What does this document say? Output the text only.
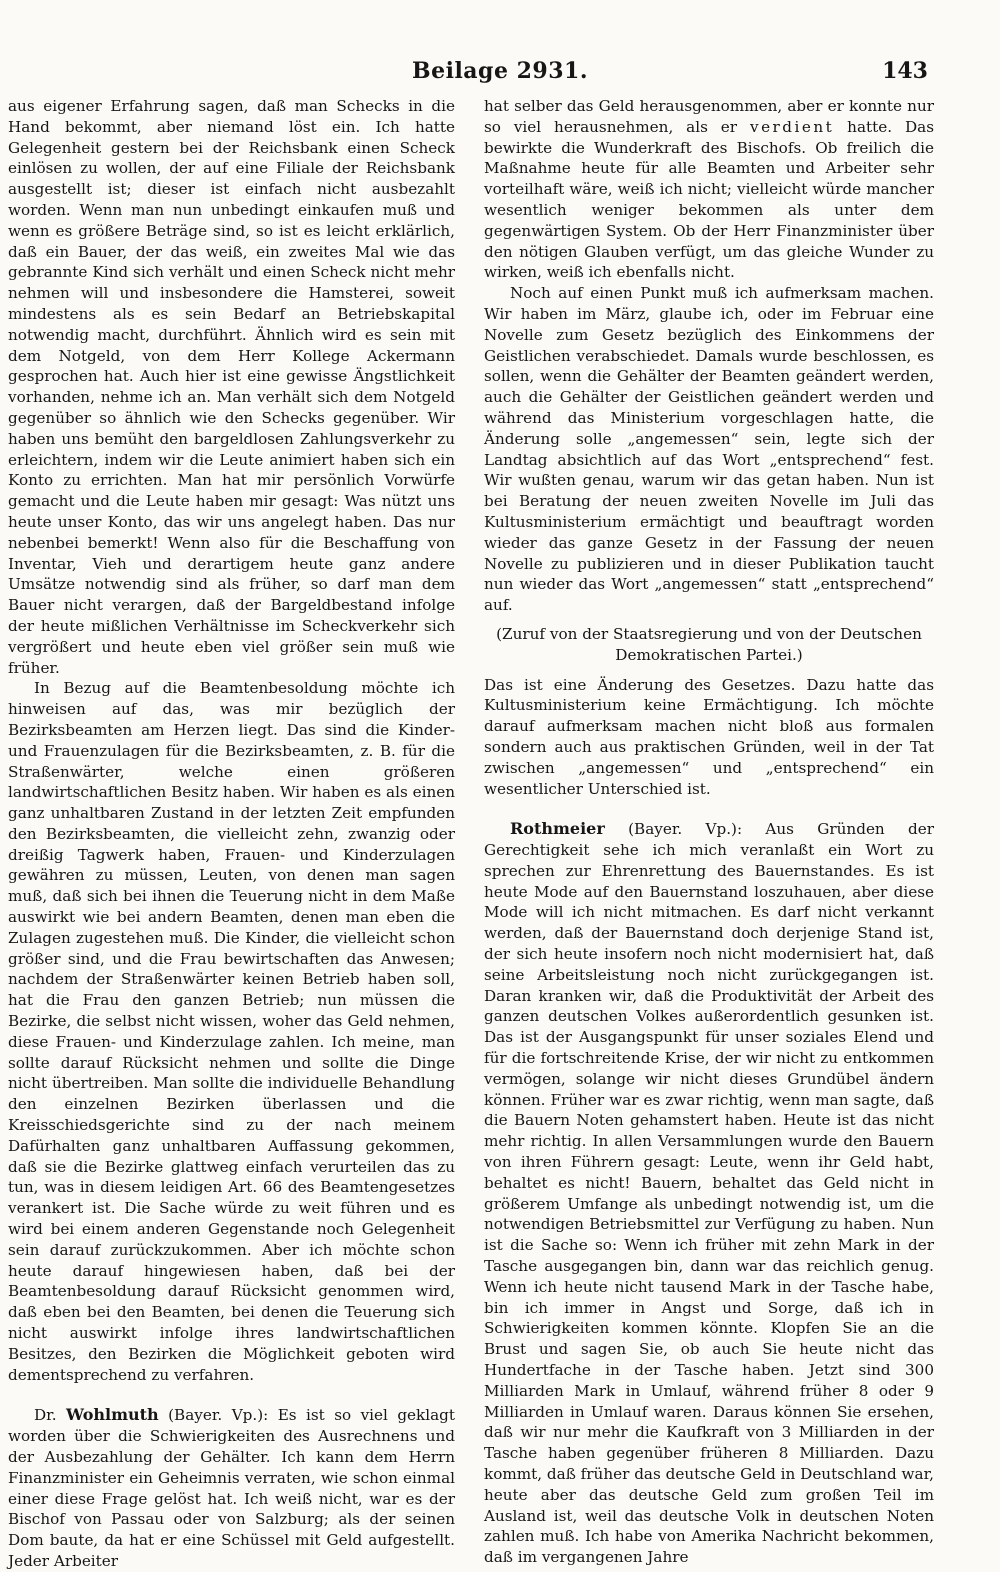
Beilage 2931.	143

aus eigener Erfahrung sagen, daß man Schecks in die Hand bekommt, aber niemand löst ein. Ich hatte Gelegenheit gestern bei der Reichsbank einen Scheck einlösen zu wollen, der auf eine Filiale der Reichsbank ausgestellt ist; dieser ist einfach nicht ausbezahlt worden. Wenn man nun unbedingt einkaufen muß und wenn es größere Beträge sind, so ist es leicht erklärlich, daß ein Bauer, der das weiß, ein zweites Mal wie das gebrannte Kind sich verhält und einen Scheck nicht mehr nehmen will und insbesondere die Hamsterei, soweit mindestens als es sein Bedarf an Betriebskapital notwendig macht, durchführt. Ähnlich wird es sein mit dem Notgeld, von dem Herr Kollege Ackermann gesprochen hat. Auch hier ist eine gewisse Ängstlichkeit vorhanden, nehme ich an. Man verhält sich dem Notgeld gegenüber so ähnlich wie den Schecks gegenüber. Wir haben uns bemüht den bargeldlosen Zahlungsverkehr zu erleichtern, indem wir die Leute animiert haben sich ein Konto zu errichten. Man hat mir persönlich Vorwürfe gemacht und die Leute haben mir gesagt: Was nützt uns heute unser Konto, das wir uns angelegt haben. Das nur nebenbei bemerkt! Wenn also für die Beschaffung von Inventar, Vieh und derartigem heute ganz andere Umsätze notwendig sind als früher, so darf man dem Bauer nicht verargen, daß der Bargeldbestand infolge der heute mißlichen Verhältnisse im Scheckverkehr sich vergrößert und heute eben viel größer sein muß wie früher.

In Bezug auf die Beamtenbesoldung möchte ich hinweisen auf das, was mir bezüglich der Bezirksbeamten am Herzen liegt. Das sind die Kinder- und Frauenzulagen für die Bezirksbeamten, z. B. für die Straßenwärter, welche einen größeren landwirtschaftlichen Besitz haben. Wir haben es als einen ganz unhaltbaren Zustand in der letzten Zeit empfunden den Bezirksbeamten, die vielleicht zehn, zwanzig oder dreißig Tagwerk haben, Frauen- und Kinderzulagen gewähren zu müssen, Leuten, von denen man sagen muß, daß sich bei ihnen die Teuerung nicht in dem Maße auswirkt wie bei andern Beamten, denen man eben die Zulagen zugestehen muß. Die Kinder, die vielleicht schon größer sind, und die Frau bewirtschaften das Anwesen; nachdem der Straßenwärter keinen Betrieb haben soll, hat die Frau den ganzen Betrieb; nun müssen die Bezirke, die selbst nicht wissen, woher das Geld nehmen, diese Frauen- und Kinderzulage zahlen. Ich meine, man sollte darauf Rücksicht nehmen und sollte die Dinge nicht übertreiben. Man sollte die individuelle Behandlung den einzelnen Bezirken überlassen und die Kreisschiedsgerichte sind zu der nach meinem Dafürhalten ganz unhaltbaren Auffassung gekommen, daß sie die Bezirke glattweg einfach verurteilen das zu tun, was in diesem leidigen Art. 66 des Beamtengesetzes verankert ist. Die Sache würde zu weit führen und es wird bei einem anderen Gegenstande noch Gelegenheit sein darauf zurückzukommen. Aber ich möchte schon heute darauf hingewiesen haben, daß bei der Beamtenbesoldung darauf Rücksicht genommen wird, daß eben bei den Beamten, bei denen die Teuerung sich nicht auswirkt infolge ihres landwirtschaftlichen Besitzes, den Bezirken die Möglichkeit geboten wird dementsprechend zu verfahren.

Dr. Wohlmuth (Bayer. Vp.): Es ist so viel geklagt worden über die Schwierigkeiten des Ausrechnens und der Ausbezahlung der Gehälter. Ich kann dem Herrn Finanzminister ein Geheimnis verraten, wie schon einmal einer diese Frage gelöst hat. Ich weiß nicht, war es der Bischof von Passau oder von Salzburg; als der seinen Dom baute, da hat er eine Schüssel mit Geld aufgestellt. Jeder Arbeiter

hat selber das Geld herausgenommen, aber er konnte nur so viel herausnehmen, als er verdient hatte. Das bewirkte die Wunderkraft des Bischofs. Ob freilich die Maßnahme heute für alle Beamten und Arbeiter sehr vorteilhaft wäre, weiß ich nicht; vielleicht würde mancher wesentlich weniger bekommen als unter dem gegenwärtigen System. Ob der Herr Finanzminister über den nötigen Glauben verfügt, um das gleiche Wunder zu wirken, weiß ich ebenfalls nicht.

Noch auf einen Punkt muß ich aufmerksam machen. Wir haben im März, glaube ich, oder im Februar eine Novelle zum Gesetz bezüglich des Einkommens der Geistlichen verabschiedet. Damals wurde beschlossen, es sollen, wenn die Gehälter der Beamten geändert werden, auch die Gehälter der Geistlichen geändert werden und während das Ministerium vorgeschlagen hatte, die Änderung solle „angemessen“ sein, legte sich der Landtag absichtlich auf das Wort „entsprechend“ fest. Wir wußten genau, warum wir das getan haben. Nun ist bei Beratung der neuen zweiten Novelle im Juli das Kultusministerium ermächtigt und beauftragt worden wieder das ganze Gesetz in der Fassung der neuen Novelle zu publizieren und in dieser Publikation taucht nun wieder das Wort „angemessen“ statt „entsprechend“ auf.

(Zuruf von der Staatsregierung und von der Deutschen Demokratischen Partei.)

Das ist eine Änderung des Gesetzes. Dazu hatte das Kultusministerium keine Ermächtigung. Ich möchte darauf aufmerksam machen nicht bloß aus formalen sondern auch aus praktischen Gründen, weil in der Tat zwischen „angemessen“ und „entsprechend“ ein wesentlicher Unterschied ist.

Rothmeier (Bayer. Vp.): Aus Gründen der Gerechtigkeit sehe ich mich veranlaßt ein Wort zu sprechen zur Ehrenrettung des Bauernstandes. Es ist heute Mode auf den Bauernstand loszuhauen, aber diese Mode will ich nicht mitmachen. Es darf nicht verkannt werden, daß der Bauernstand doch derjenige Stand ist, der sich heute insofern noch nicht modernisiert hat, daß seine Arbeitsleistung noch nicht zurückgegangen ist. Daran kranken wir, daß die Produktivität der Arbeit des ganzen deutschen Volkes außerordentlich gesunken ist. Das ist der Ausgangspunkt für unser soziales Elend und für die fortschreitende Krise, der wir nicht zu entkommen vermögen, solange wir nicht dieses Grundübel ändern können. Früher war es zwar richtig, wenn man sagte, daß die Bauern Noten gehamstert haben. Heute ist das nicht mehr richtig. In allen Versammlungen wurde den Bauern von ihren Führern gesagt: Leute, wenn ihr Geld habt, behaltet es nicht! Bauern, behaltet das Geld nicht in größerem Umfange als unbedingt notwendig ist, um die notwendigen Betriebsmittel zur Verfügung zu haben. Nun ist die Sache so: Wenn ich früher mit zehn Mark in der Tasche ausgegangen bin, dann war das reichlich genug. Wenn ich heute nicht tausend Mark in der Tasche habe, bin ich immer in Angst und Sorge, daß ich in Schwierigkeiten kommen könnte. Klopfen Sie an die Brust und sagen Sie, ob auch Sie heute nicht das Hundertfache in der Tasche haben. Jetzt sind 300 Milliarden Mark in Umlauf, während früher 8 oder 9 Milliarden in Umlauf waren. Daraus können Sie ersehen, daß wir nur mehr die Kaufkraft von 3 Milliarden in der Tasche haben gegenüber früheren 8 Milliarden. Dazu kommt, daß früher das deutsche Geld in Deutschland war, heute aber das deutsche Geld zum großen Teil im Ausland ist, weil das deutsche Volk in deutschen Noten zahlen muß. Ich habe von Amerika Nachricht bekommen, daß im vergangenen Jahre
